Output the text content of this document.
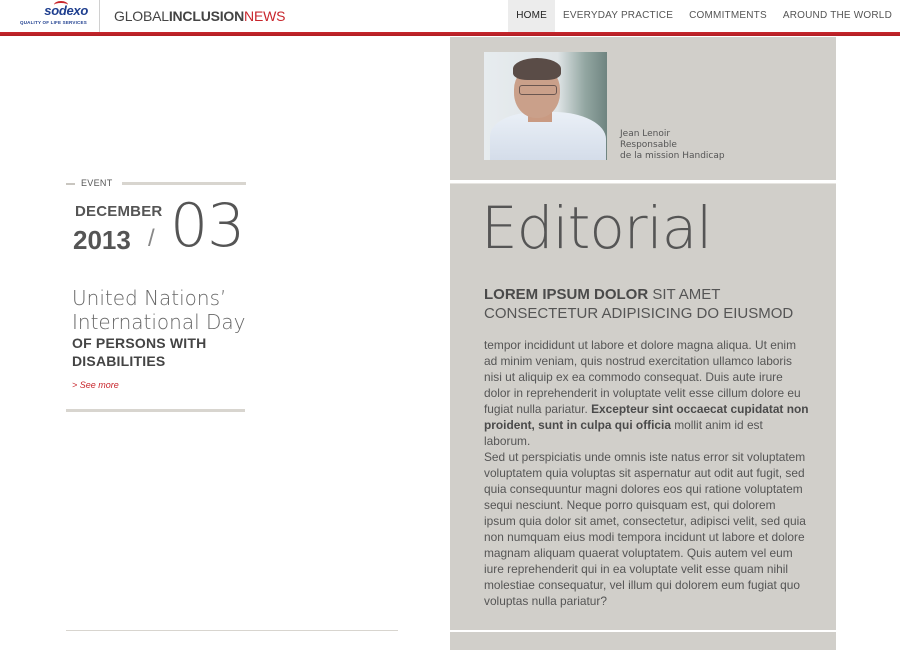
sodexo
QUALITY OF LIFE SERVICES GLOBALINCLUSIONNEWS	HOME	EVERYDAY PRACTICE	COMMITMENTS	AROUND THE WORLD
EVENT
DECEMBER
2013 / 03
United Nations’ International Day
OF PERSONS WITH DISABILITIES
> See more
Jean Lenoir
Responsable
de la mission Handicap
Editorial
LOREM IPSUM DOLOR SIT AMET CONSECTETUR ADIPISICING DO EIUSMOD
tempor incididunt ut labore et dolore magna aliqua. Ut enim ad minim veniam, quis nostrud exercitation ullamco laboris nisi ut aliquip ex ea commodo consequat. Duis aute irure dolor in reprehenderit in voluptate velit esse cillum dolore eu fugiat nulla pariatur. Excepteur sint occaecat cupidatat non proident, sunt in culpa qui officia mollit anim id est laborum.
Sed ut perspiciatis unde omnis iste natus error sit voluptatem voluptatem quia voluptas sit aspernatur aut odit aut fugit, sed quia consequuntur magni dolores eos qui ratione voluptatem sequi nesciunt. Neque porro quisquam est, qui dolorem ipsum quia dolor sit amet, consectetur, adipisci velit, sed quia non numquam eius modi tempora incidunt ut labore et dolore magnam aliquam quaerat voluptatem. Quis autem vel eum iure reprehenderit qui in ea voluptate velit esse quam nihil molestiae consequatur, vel illum qui dolorem eum fugiat quo voluptas nulla pariatur?
